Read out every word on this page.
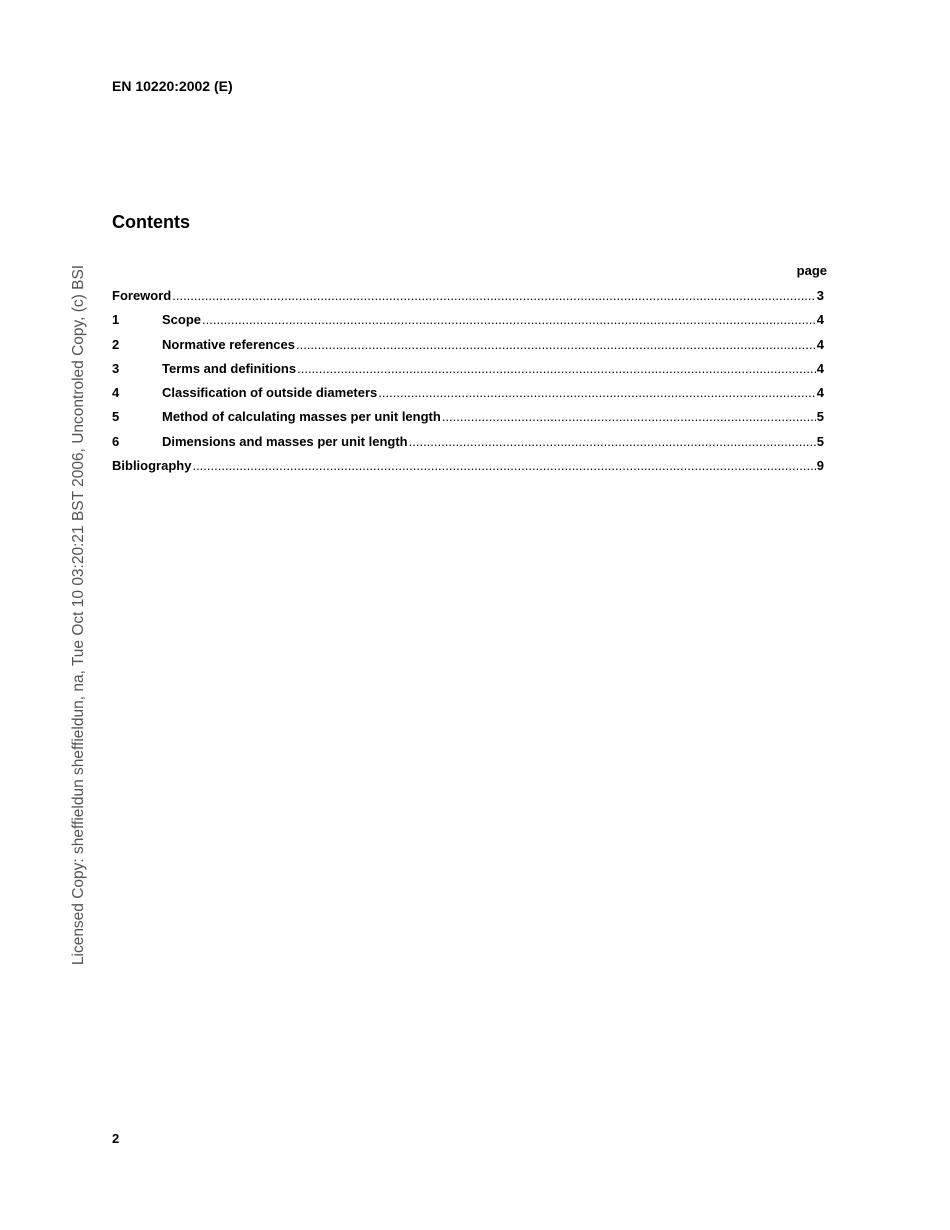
EN 10220:2002 (E)
Contents
page
Foreword .....	3
1	Scope .....	4
2	Normative references .....	4
3	Terms and definitions .....	4
4	Classification of outside diameters .....	4
5	Method of calculating masses per unit length .....	5
6	Dimensions and masses per unit length .....	5
Bibliography .....	9
Licensed Copy: sheffieldun sheffieldun, na, Tue Oct 10 03:20:21 BST 2006, Uncontroled Copy, (c) BSI
2
